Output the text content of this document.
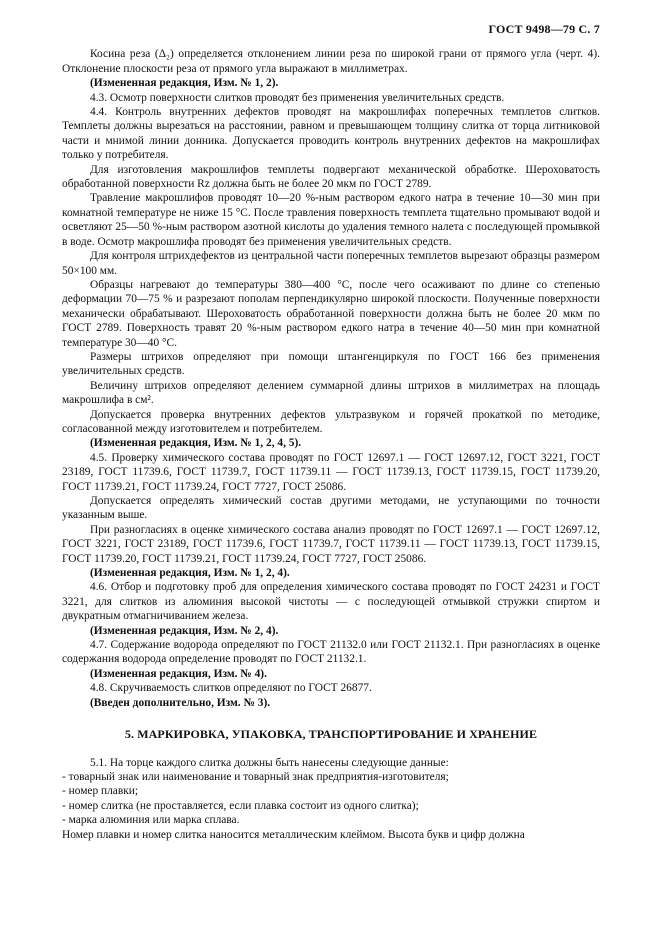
ГОСТ 9498—79 С. 7

Косина реза (Δ₂) определяется отклонением линии реза по широкой грани от прямого угла (черт. 4). Отклонение плоскости реза от прямого угла выражают в миллиметрах.

(Измененная редакция, Изм. № 1, 2).

4.3. Осмотр поверхности слитков проводят без применения увеличительных средств.

4.4. Контроль внутренних дефектов проводят на макрошлифах поперечных темплетов слитков. Темплеты должны вырезаться на расстоянии, равном и превышающем толщину слитка от торца литниковой части и мнимой линии донника. Допускается проводить контроль внутренних дефектов на макрошлифах только у потребителя.

Для изготовления макрошлифов темплеты подвергают механической обработке. Шероховатость обработанной поверхности Rz должна быть не более 20 мкм по ГОСТ 2789.

Травление макрошлифов проводят 10—20 %-ным раствором едкого натра в течение 10—30 мин при комнатной температуре не ниже 15 °С. После травления поверхность темплета тщательно промывают водой и осветляют 25—50 %-ным раствором азотной кислоты до удаления темного налета с последующей промывкой в воде. Осмотр макрошлифа проводят без применения увеличительных средств.

Для контроля штрихдефектов из центральной части поперечных темплетов вырезают образцы размером 50×100 мм.

Образцы нагревают до температуры 380—400 °С, после чего осаживают по длине со степенью деформации 70—75 % и разрезают пополам перпендикулярно широкой плоскости. Полученные поверхности механически обрабатывают. Шероховатость обработанной поверхности должна быть не более 20 мкм по ГОСТ 2789. Поверхность травят 20 %-ным раствором едкого натра в течение 40—50 мин при комнатной температуре 30—40 °С.

Размеры штрихов определяют при помощи штангенциркуля по ГОСТ 166 без применения увеличительных средств.

Величину штрихов определяют делением суммарной длины штрихов в миллиметрах на площадь макрошлифа в см².

Допускается проверка внутренних дефектов ультразвуком и горячей прокаткой по методике, согласованной между изготовителем и потребителем.

(Измененная редакция, Изм. № 1, 2, 4, 5).

4.5. Проверку химического состава проводят по ГОСТ 12697.1 — ГОСТ 12697.12, ГОСТ 3221, ГОСТ 23189, ГОСТ 11739.6, ГОСТ 11739.7, ГОСТ 11739.11 — ГОСТ 11739.13, ГОСТ 11739.15, ГОСТ 11739.20, ГОСТ 11739.21, ГОСТ 11739.24, ГОСТ 7727, ГОСТ 25086.

Допускается определять химический состав другими методами, не уступающими по точности указанным выше.

При разногласиях в оценке химического состава анализ проводят по ГОСТ 12697.1 — ГОСТ 12697.12, ГОСТ 3221, ГОСТ 23189, ГОСТ 11739.6, ГОСТ 11739.7, ГОСТ 11739.11 — ГОСТ 11739.13, ГОСТ 11739.15, ГОСТ 11739.20, ГОСТ 11739.21, ГОСТ 11739.24, ГОСТ 7727, ГОСТ 25086.

(Измененная редакция, Изм. № 1, 2, 4).

4.6. Отбор и подготовку проб для определения химического состава проводят по ГОСТ 24231 и ГОСТ 3221, для слитков из алюминия высокой чистоты — с последующей отмывкой стружки спиртом и двукратным отмагничиванием железа.

(Измененная редакция, Изм. № 2, 4).

4.7. Содержание водорода определяют по ГОСТ 21132.0 или ГОСТ 21132.1. При разногласиях в оценке содержания водорода определение проводят по ГОСТ 21132.1.

(Измененная редакция, Изм. № 4).

4.8. Скручиваемость слитков определяют по ГОСТ 26877.

(Введен дополнительно, Изм. № 3).

5. МАРКИРОВКА, УПАКОВКА, ТРАНСПОРТИРОВАНИЕ И ХРАНЕНИЕ

5.1. На торце каждого слитка должны быть нанесены следующие данные:

- товарный знак или наименование и товарный знак предприятия-изготовителя;

- номер плавки;

- номер слитка (не проставляется, если плавка состоит из одного слитка);

- марка алюминия или марка сплава.

Номер плавки и номер слитка наносится металлическим клеймом. Высота букв и цифр должна
